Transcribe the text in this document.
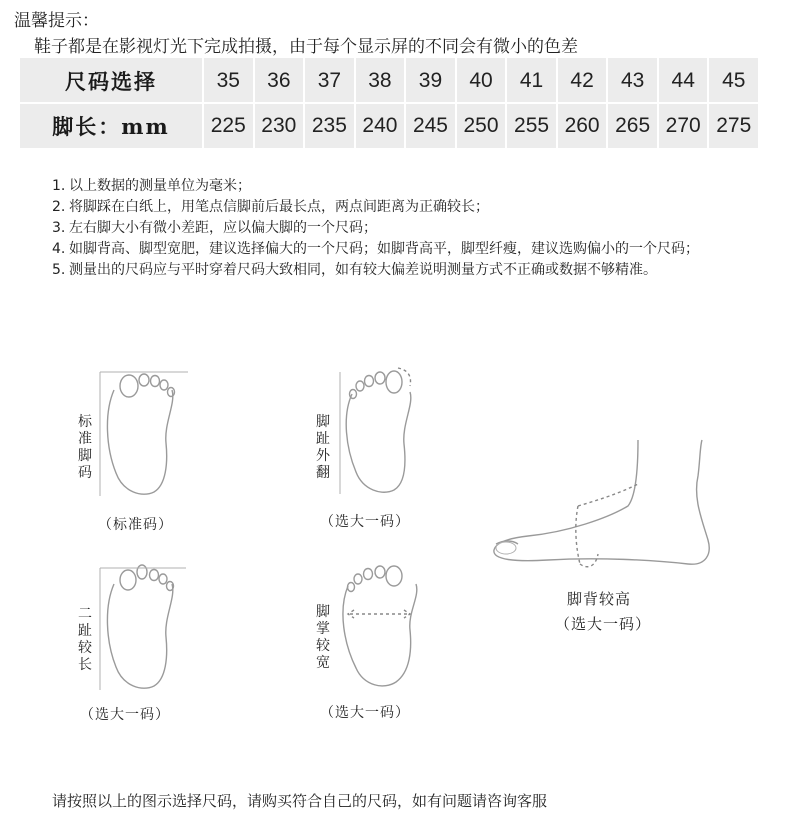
温馨提示：
鞋子都是在影视灯光下完成拍摄，由于每个显示屏的不同会有微小的色差
尺码选择	35	36	37	38	39	40	41	42	43	44	45
脚长：mm	225 230 235 240 245 250 255 260 265 270 275
1. 以上数据的测量单位为毫米；
2. 将脚踩在白纸上，用笔点信脚前后最长点，两点间距离为正确较长；
3. 左右脚大小有微小差距，应以偏大脚的一个尺码；
4. 如脚背高、脚型宽肥，建议选择偏大的一个尺码；如脚背高平，脚型纤瘦，建议选购偏小的一个尺码；
5. 测量出的尺码应与平时穿着尺码大致相同，如有较大偏差说明测量方式不正确或数据不够精准。
标准脚码
（标准码）
脚趾外翻
（选大一码）
二趾较长
（选大一码）
脚掌较宽
（选大一码）
脚背较高
（选大一码）
请按照以上的图示选择尺码，请购买符合自己的尺码，如有问题请咨询客服
